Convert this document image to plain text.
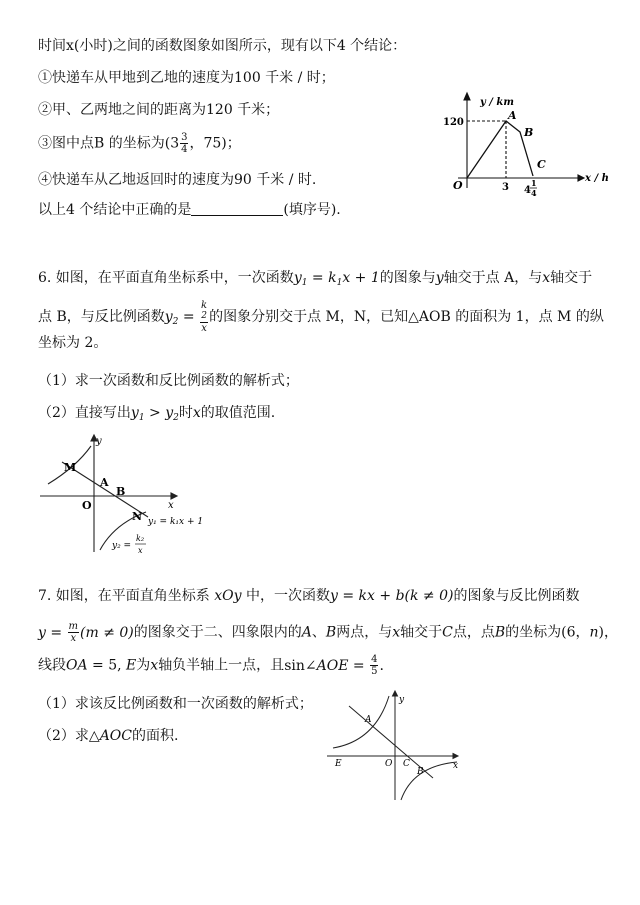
时间x(小时)之间的函数图象如图所示，现有以下4 个结论：
①快递车从甲地到乙地的速度为100 千米 / 时；
②甲、乙两地之间的距离为120 千米；
③图中点B 的坐标为($3 \frac{3}{4}$ ，75)；
④快递车从乙地返回时的速度为90 千米 / 时.
以上4 个结论中正确的是	(填序号).
y / km
120
A
B
C
O	3 4
1
4
x / h
6. 如图，在平面直角坐标系中，一次函数$y_1 = k_1x + 1$的图象与y轴交于点 A，与x轴交于
点 B，与反比例函数$y_2 = k$
2
x 的图象分别交于点 M，N，已知△AOB 的面积为 1，点 M 的纵
坐标为 2。
（1）求一次函数和反比例函数的解析式；
（2）直接写出$y_1 > y_2$时x的取值范围.
M
A
B
O
N
y
x
y₁ = k₁x + 1
y₂ =
k₂
x
7. 如图，在平面直角坐标系 xOy 中，一次函数y = kx + b(k ≠ 0)的图象与反比例函数
$y = \frac{m}{x} (m \ne 0)$的图象交于二、四象限内的A、B两点，与x轴交于C点，点B的坐标为(6，n)，
线段OA = 5, E为x轴负半轴上一点，且sin∠AOE = $\frac{4}{5}$ .
（1）求该反比例函数和一次函数的解析式；
（2）求△AOC的面积.
y
x
A
B
C
O
E
